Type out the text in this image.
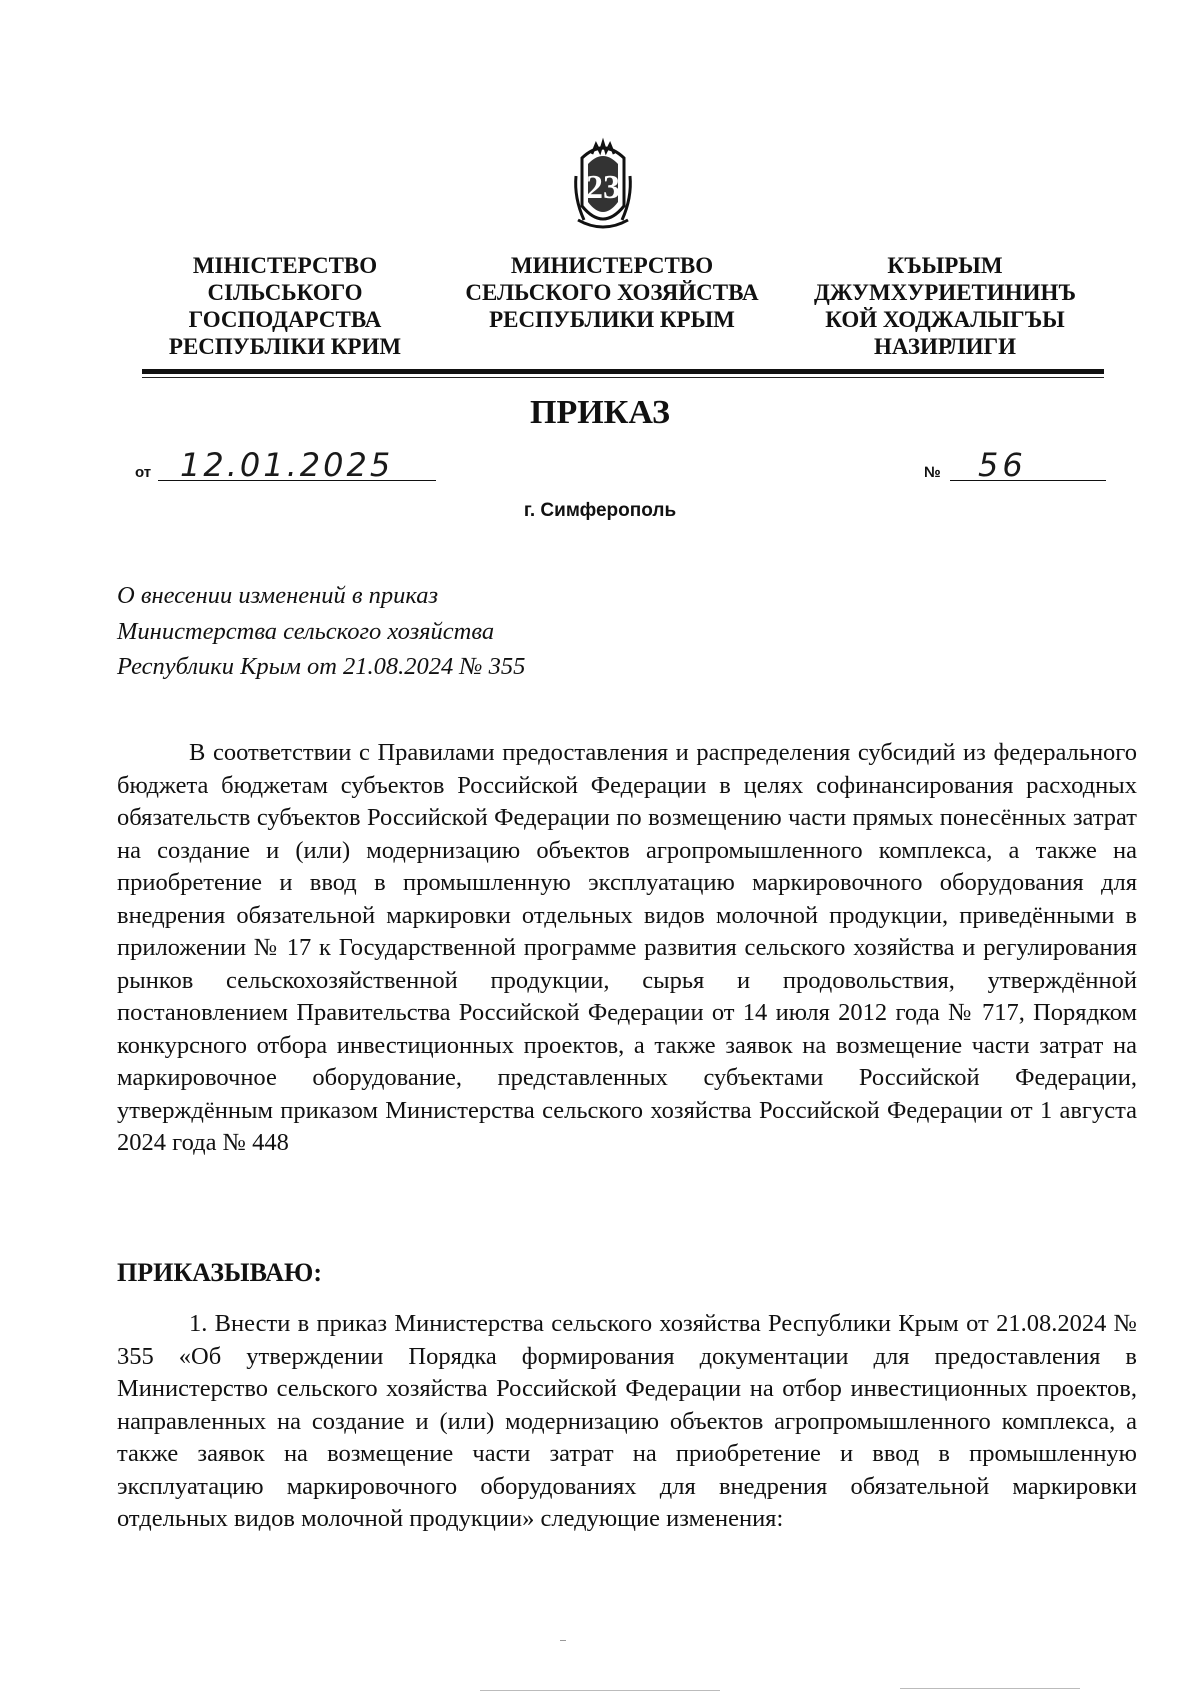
23
МIНIСТЕРСТВО
СIЛЬСЬКОГО
ГОСПОДАРСТВА
РЕСПУБЛIКИ КРИМ
МИНИСТЕРСТВО
СЕЛЬСКОГО ХОЗЯЙСТВА
РЕСПУБЛИКИ КРЫМ
КЪЫРЫМ
ДЖУМХУРИЕТИНИНЪ
КОЙ ХОДЖАЛЫГЪЫ
НАЗИРЛИГИ
ПРИКАЗ
от 12.01.2025	№ 56
г. Симферополь
О внесении изменений в приказ
Министерства сельского хозяйства
Республики Крым от 21.08.2024 № 355
В соответствии с Правилами предоставления и распределения субсидий из федерального бюджета бюджетам субъектов Российской Федерации в целях софинансирования расходных обязательств субъектов Российской Федерации по возмещению части прямых понесённых затрат на создание и (или) модернизацию объектов агропромышленного комплекса, а также на приобретение и ввод в промышленную эксплуатацию маркировочного оборудования для внедрения обязательной маркировки отдельных видов молочной продукции, приведёнными в приложении № 17 к Государственной программе развития сельского хозяйства и регулирования рынков сельскохозяйственной продукции, сырья и продовольствия, утверждённой постановлением Правительства Российской Федерации от 14 июля 2012 года № 717, Порядком конкурсного отбора инвестиционных проектов, а также заявок на возмещение части затрат на маркировочное оборудование, представленных субъектами Российской Федерации, утверждённым приказом Министерства сельского хозяйства Российской Федерации от 1 августа 2024 года № 448
ПРИКАЗЫВАЮ:
1. Внести в приказ Министерства сельского хозяйства Республики Крым от 21.08.2024 № 355 «Об утверждении Порядка формирования документации для предоставления в Министерство сельского хозяйства Российской Федерации на отбор инвестиционных проектов, направленных на создание и (или) модернизацию объектов агропромышленного комплекса, а также заявок на возмещение части затрат на приобретение и ввод в промышленную эксплуатацию маркировочного оборудованиях для внедрения обязательной маркировки отдельных видов молочной продукции» следующие изменения:
